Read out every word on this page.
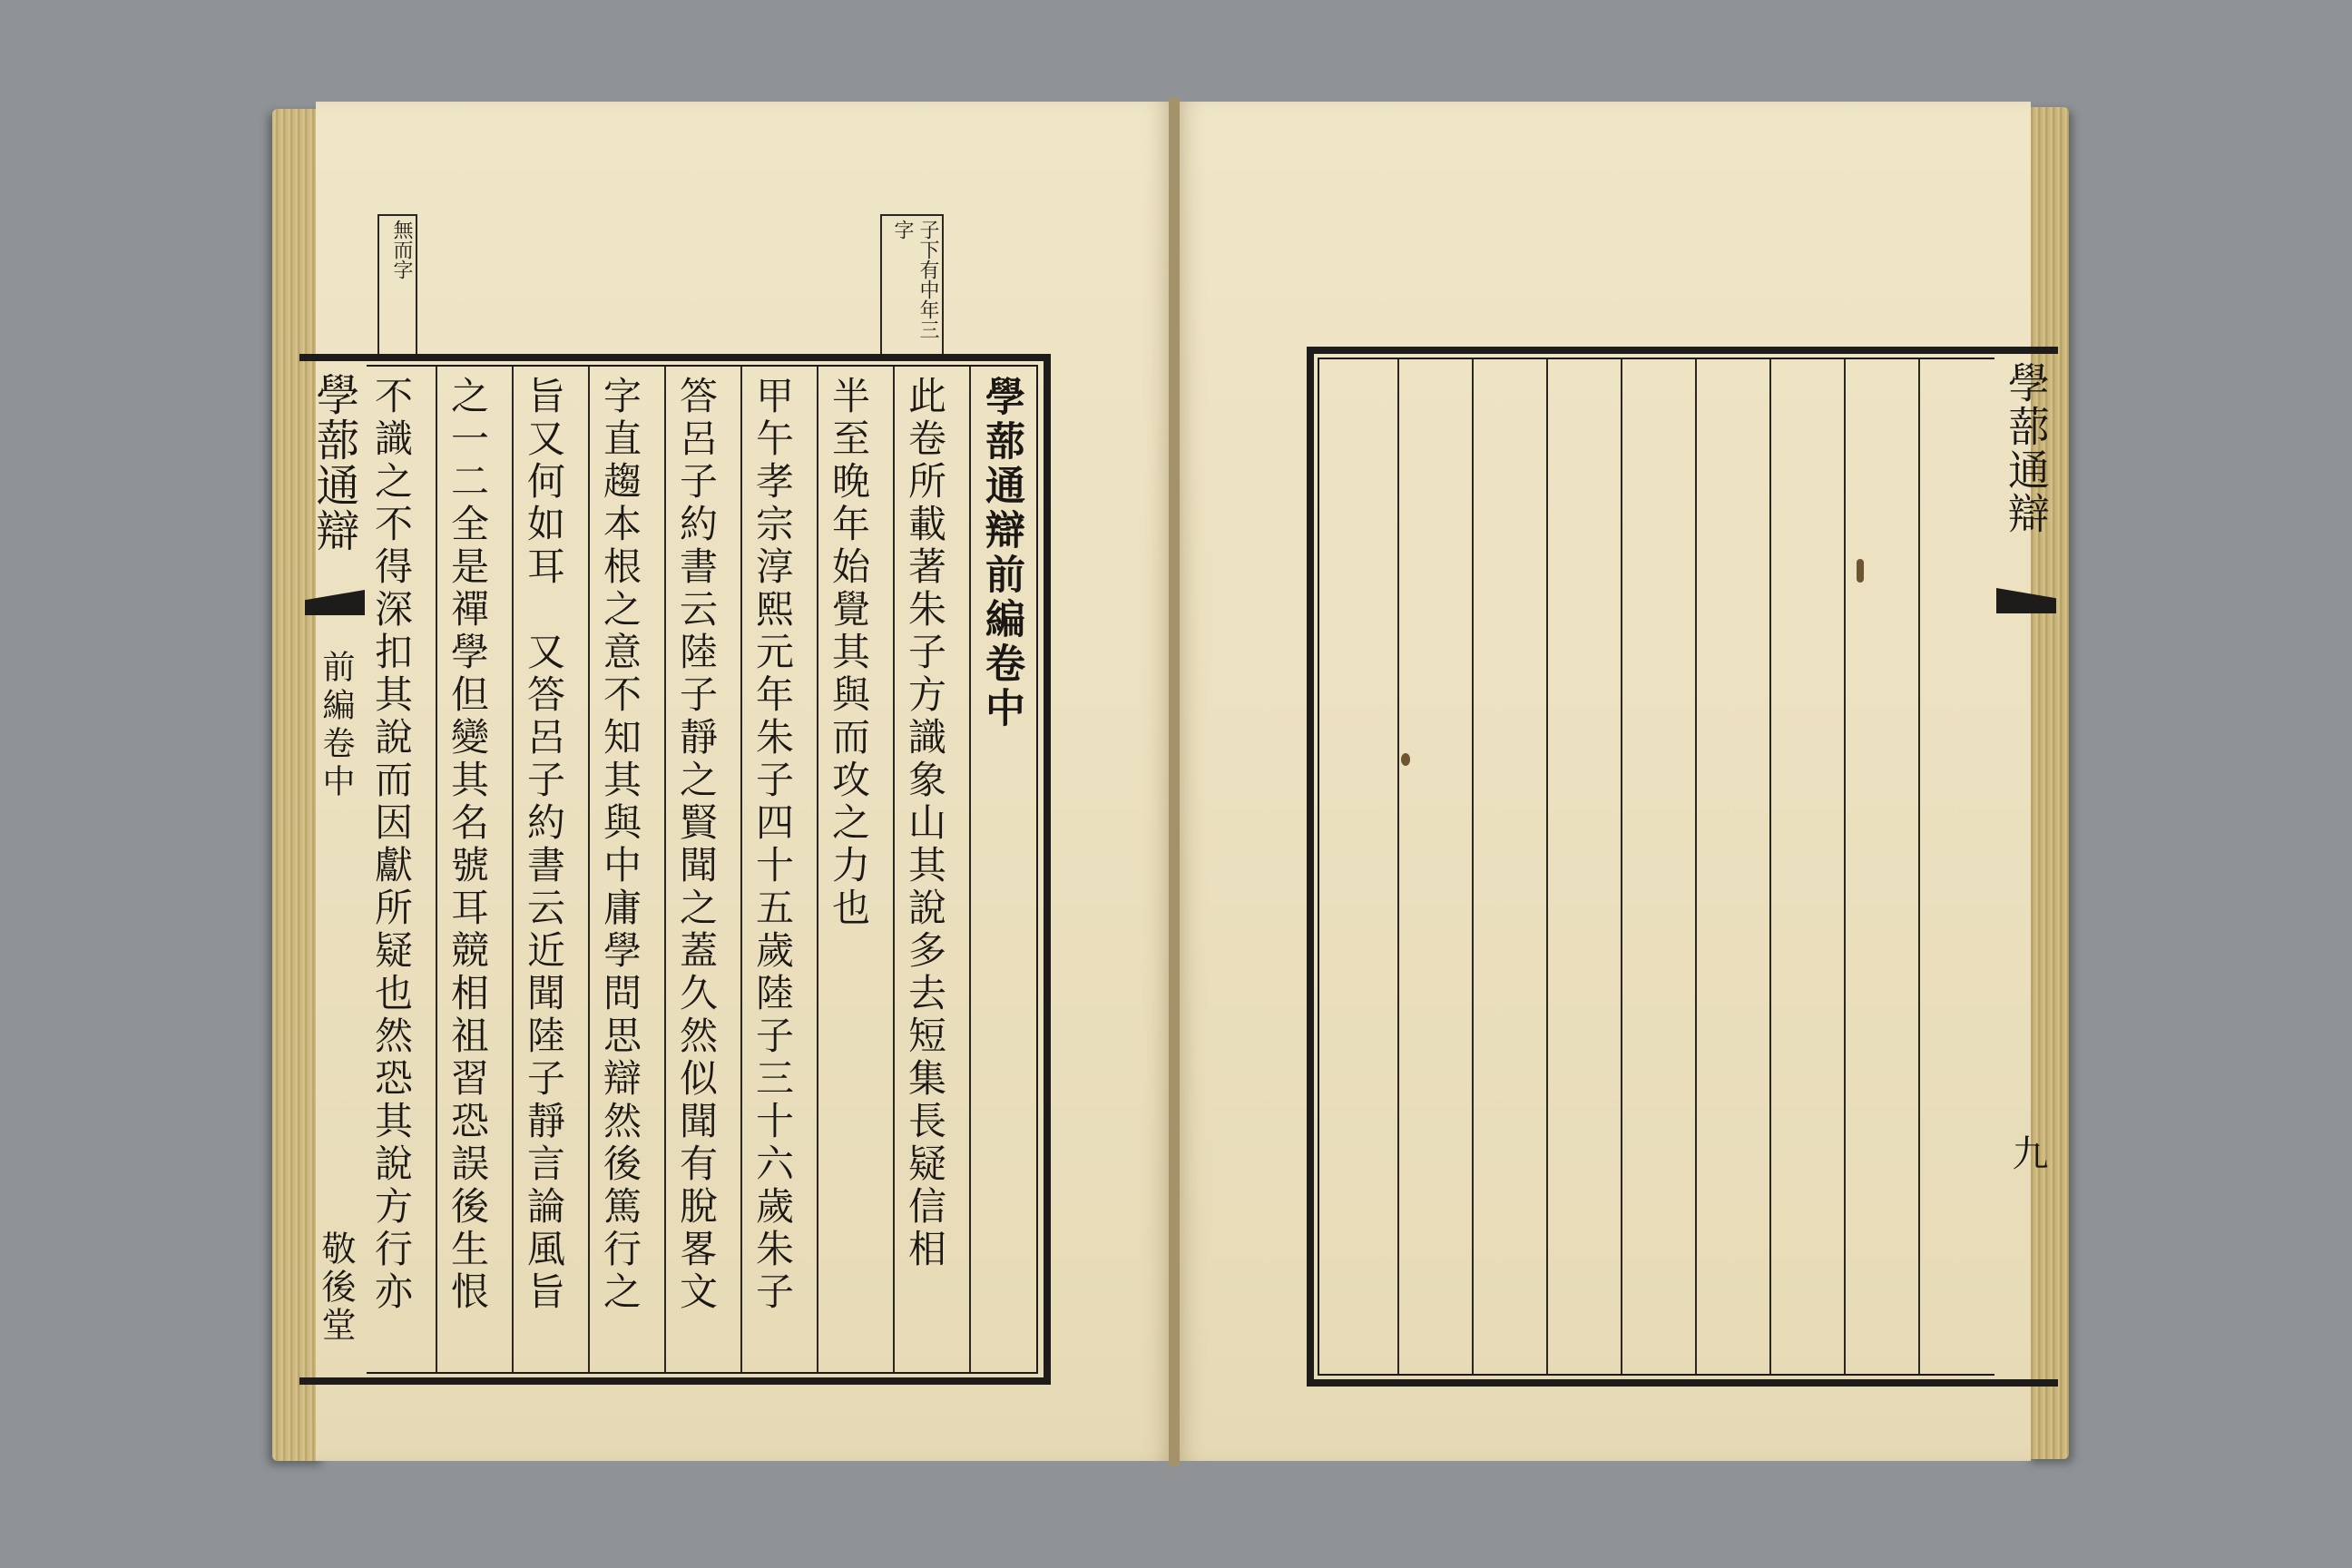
無而字	子下有中年三字
學蔀通辯前編卷中
此卷所載著朱子方識象山其說多去短集長疑信相
半至晚年始覺其與而攻之力也
甲午孝宗淳熙元年朱子四十五歲陸子三十六歲朱子
答呂子約書云陸子靜之賢聞之蓋久然似聞有脫畧文
字直趨本根之意不知其與中庸學問思辯然後篤行之
旨又何如耳　又答呂子約書云近聞陸子靜言論風旨
之一二全是禪學但變其名號耳競相祖習恐誤後生恨
不識之不得深扣其說而因獻所疑也然恐其說方行亦
學蔀通辯
前編卷中
敬後堂
學蔀通辯
九
